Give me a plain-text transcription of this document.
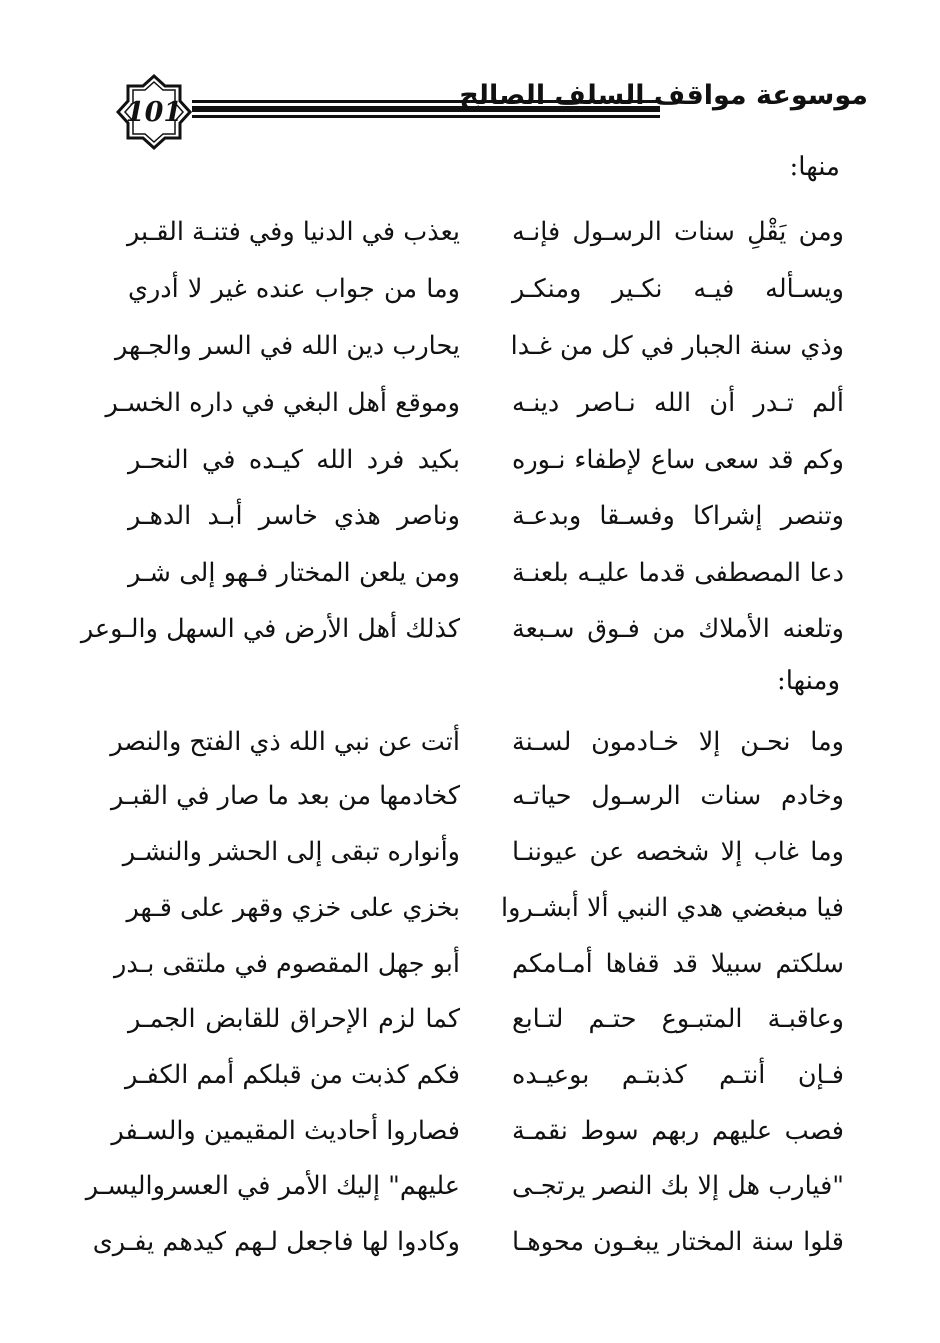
101
موسوعة مواقف السلف الصالح
منها:
ومن يَقْلِ سنات الرسـول فإنـه
يعذب في الدنيا وفي فتنـة القـبر
ويسـأله فيـه نكـير ومنكـر
وما من جواب عنده غير لا أدري
وذي سنة الجبار في كل من غـدا
يحارب دين الله في السر والجـهر
ألم تـدر أن الله نـاصر دينـه
وموقع أهل البغي في داره الخسـر
وكم قد سعى ساع لإطفاء نـوره
بكيد فرد الله كيـده في النحـر
وتنصر إشراكا وفسـقا وبدعـة
وناصر هذي خاسر أبـد الدهـر
دعا المصطفى قدما عليـه بلعنـة
ومن يلعن المختار فـهو إلى شـر
وتلعنه الأملاك من فـوق سـبعة
كذلك أهل الأرض في السهل والـوعر
ومنها:
وما نحـن إلا خـادمون لسـنة
أتت عن نبي الله ذي الفتح والنصر
وخادم سنات الرسـول حياتـه
كخادمها من بعد ما صار في القبـر
وما غاب إلا شخصه عن عيوننـا
وأنواره تبقى إلى الحشر والنشـر
فيا مبغضي هدي النبي ألا أبشـروا
بخزي على خزي وقهر على قـهر
سلكتم سبيلا قد قفاها أمـامكم
أبو جهل المقصوم في ملتقى بـدر
وعاقبـة المتبـوع حتـم لتـابع
كما لزم الإحراق للقابض الجمـر
فـإن أنتـم كذبتـم بوعيـده
فكم كذبت من قبلكم أمم الكفـر
فصب عليهم ربهم سوط نقمـة
فصاروا أحاديث المقيمين والسـفر
"فيارب هل إلا بك النصر يرتجـى
عليهم" إليك الأمر في العسرواليسـر
قلوا سنة المختار يبغـون محوهـا
وكادوا لها فاجعل لـهم كيدهم يفـرى
